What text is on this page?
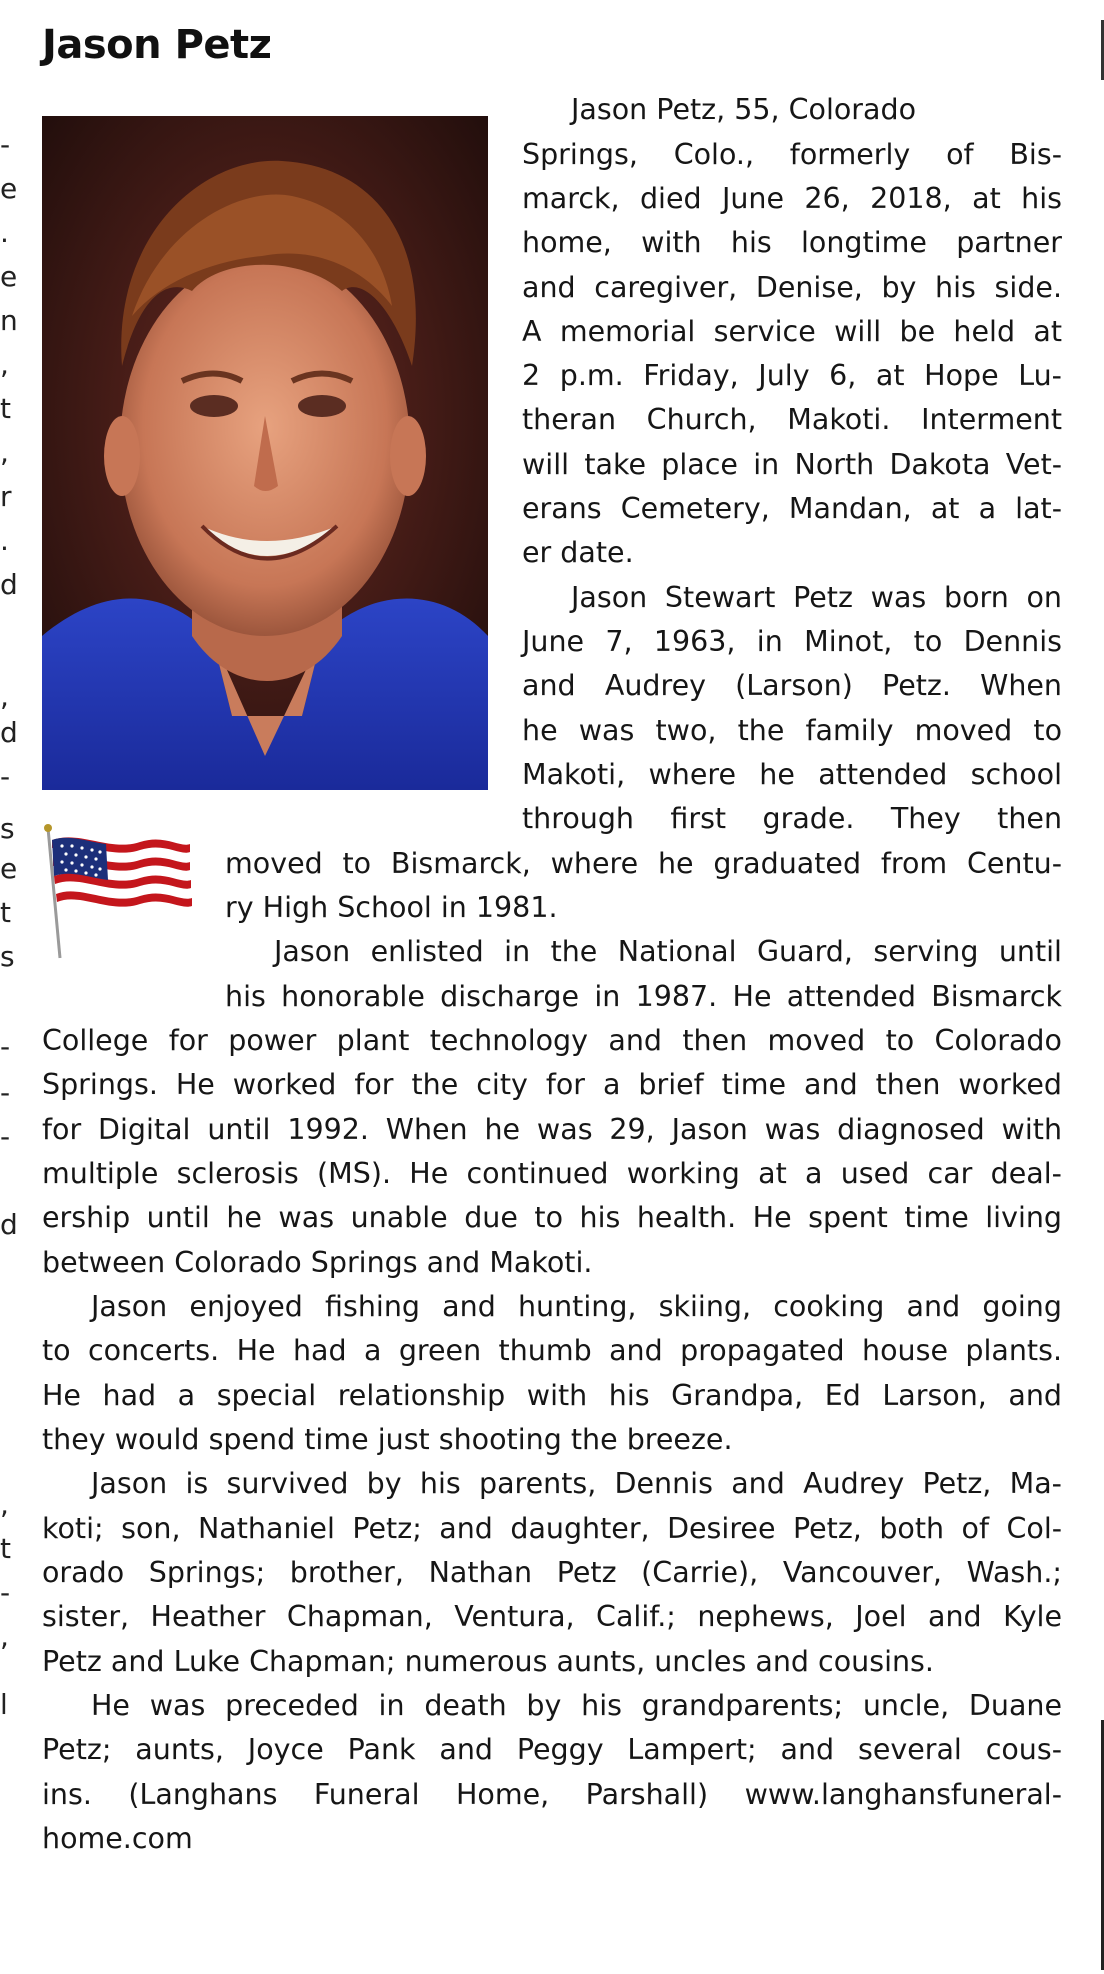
-
e
.
e
n
,
t
,
r
.
d
,
d
-
s
e
t
s
-
-
-
d
,
t
-
,
l
Jason Petz
Jason Petz, 55, Colorado
Springs, Colo., formerly of Bis-
marck, died June 26, 2018, at his
home, with his longtime partner
and caregiver, Denise, by his side.
A memorial service will be held at
2 p.m. Friday, July 6, at Hope Lu-
theran Church, Makoti. Interment
will take place in North Dakota Vet-
erans Cemetery, Mandan, at a lat-
er date.
Jason Stewart Petz was born on
June 7, 1963, in Minot, to Dennis
and Audrey (Larson) Petz. When
he was two, the family moved to
Makoti, where he attended school
through first grade. They then
moved to Bismarck, where he graduated from Centu-
ry High School in 1981.
Jason enlisted in the National Guard, serving until
his honorable discharge in 1987. He attended Bismarck
College for power plant technology and then moved to Colorado
Springs. He worked for the city for a brief time and then worked
for Digital until 1992. When he was 29, Jason was diagnosed with
multiple sclerosis (MS). He continued working at a used car deal-
ership until he was unable due to his health. He spent time living
between Colorado Springs and Makoti.
Jason enjoyed fishing and hunting, skiing, cooking and going
to concerts. He had a green thumb and propagated house plants.
He had a special relationship with his Grandpa, Ed Larson, and
they would spend time just shooting the breeze.
Jason is survived by his parents, Dennis and Audrey Petz, Ma-
koti; son, Nathaniel Petz; and daughter, Desiree Petz, both of Col-
orado Springs; brother, Nathan Petz (Carrie), Vancouver, Wash.;
sister, Heather Chapman, Ventura, Calif.; nephews, Joel and Kyle
Petz and Luke Chapman; numerous aunts, uncles and cousins.
He was preceded in death by his grandparents; uncle, Duane
Petz; aunts, Joyce Pank and Peggy Lampert; and several cous-
ins. (Langhans Funeral Home, Parshall) www.langhansfuneral-
home.com
